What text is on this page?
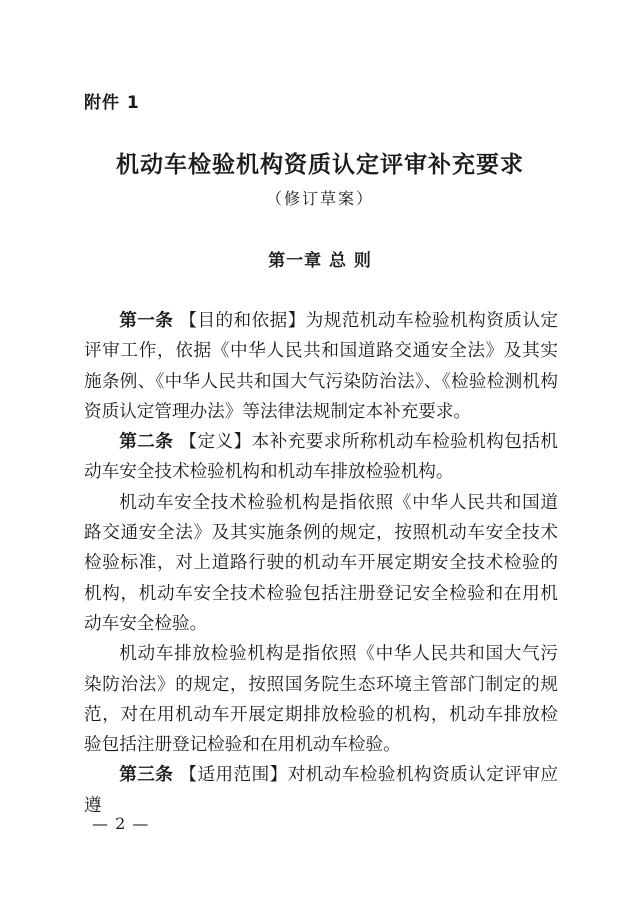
附件 1
机动车检验机构资质认定评审补充要求
（修订草案）
第一章 总 则

第一条 【目的和依据】为规范机动车检验机构资质认定评审工作，依据《中华人民共和国道路交通安全法》及其实施条例、《中华人民共和国大气污染防治法》、《检验检测机构资质认定管理办法》等法律法规制定本补充要求。

第二条 【定义】本补充要求所称机动车检验机构包括机动车安全技术检验机构和机动车排放检验机构。

机动车安全技术检验机构是指依照《中华人民共和国道路交通安全法》及其实施条例的规定，按照机动车安全技术检验标准，对上道路行驶的机动车开展定期安全技术检验的机构，机动车安全技术检验包括注册登记安全检验和在用机动车安全检验。

机动车排放检验机构是指依照《中华人民共和国大气污染防治法》的规定，按照国务院生态环境主管部门制定的规范，对在用机动车开展定期排放检验的机构，机动车排放检验包括注册登记检验和在用机动车检验。

第三条 【适用范围】对机动车检验机构资质认定评审应遵

— 2 —
